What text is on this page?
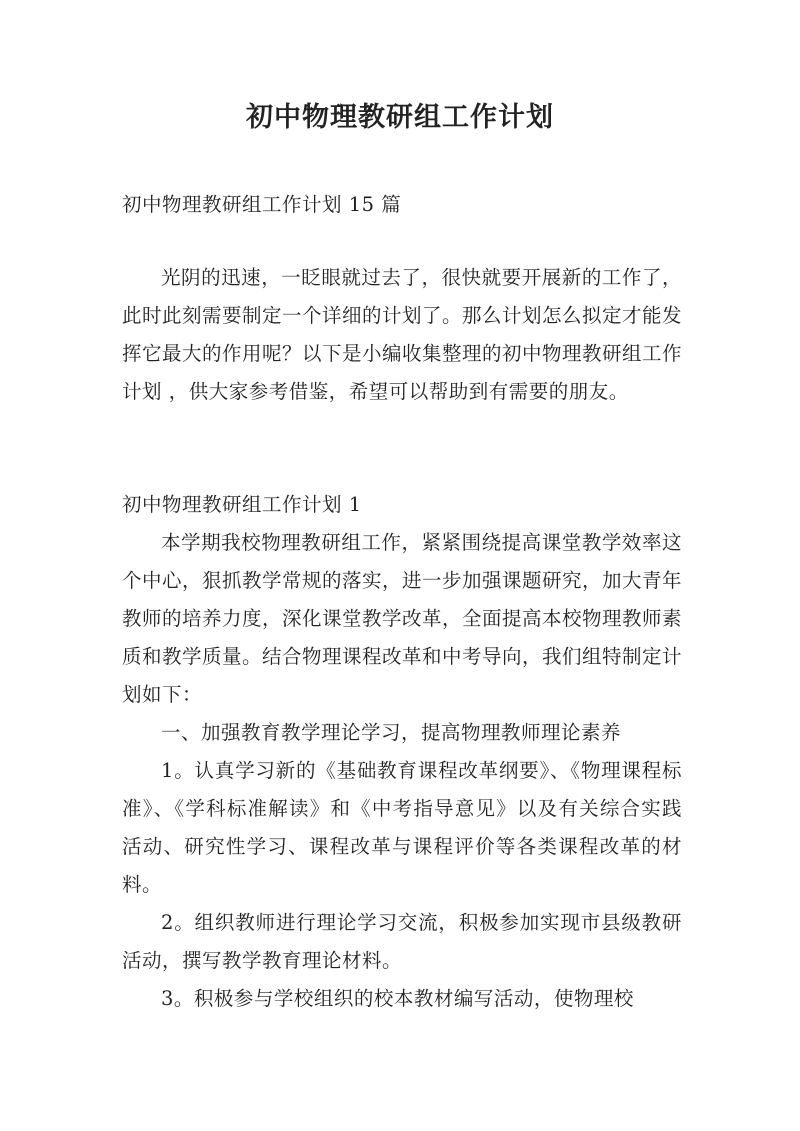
初中物理教研组工作计划
初中物理教研组工作计划 15 篇
光阴的迅速，一眨眼就过去了，很快就要开展新的工作了，此时此刻需要制定一个详细的计划了。那么计划怎么拟定才能发挥它最大的作用呢？以下是小编收集整理的初中物理教研组工作计划 ，供大家参考借鉴，希望可以帮助到有需要的朋友。
初中物理教研组工作计划 1

本学期我校物理教研组工作，紧紧围绕提高课堂教学效率这个中心，狠抓教学常规的落实，进一步加强课题研究，加大青年教师的培养力度，深化课堂教学改革，全面提高本校物理教师素质和教学质量。结合物理课程改革和中考导向，我们组特制定计划如下：

一、加强教育教学理论学习，提高物理教师理论素养

1。认真学习新的《基础教育课程改革纲要》、《物理课程标准》、《学科标准解读》和《中考指导意见》以及有关综合实践活动、研究性学习、课程改革与课程评价等各类课程改革的材料。

2。组织教师进行理论学习交流，积极参加实现市县级教研活动，撰写教学教育理论材料。

3。积极参与学校组织的校本教材编写活动，使物理校
